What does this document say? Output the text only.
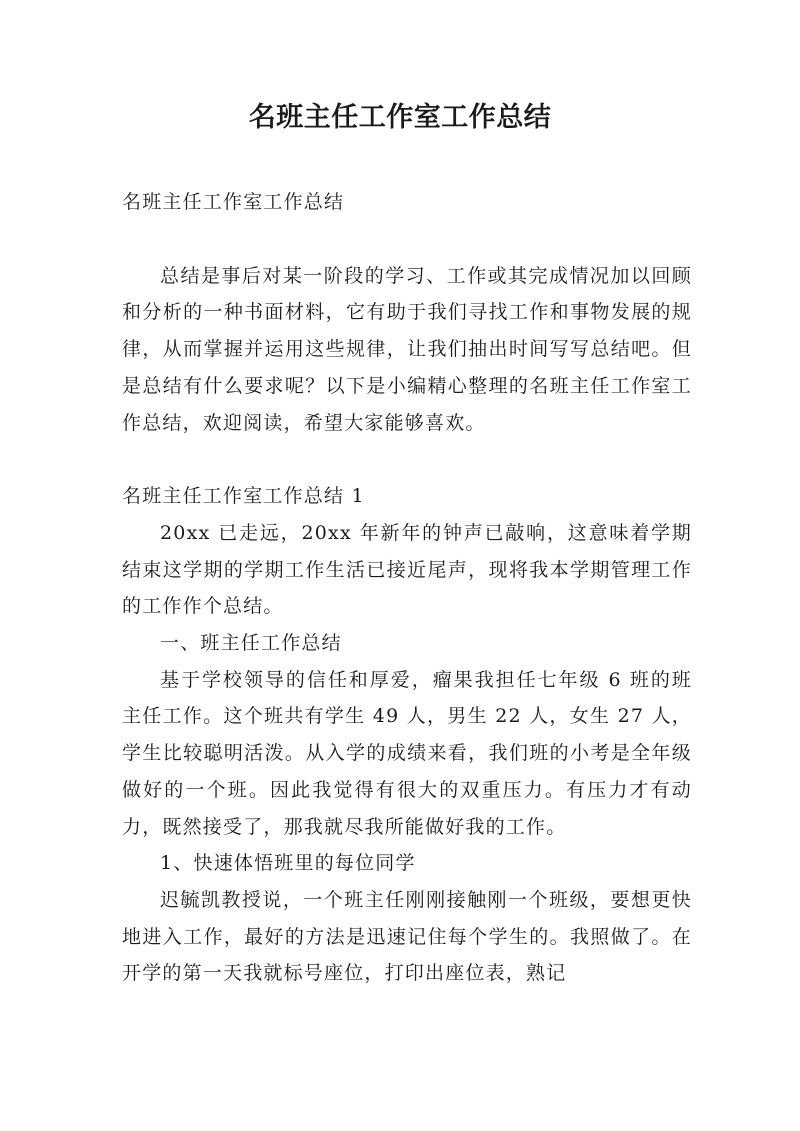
名班主任工作室工作总结

名班主任工作室工作总结

总结是事后对某一阶段的学习、工作或其完成情况加以回顾和分析的一种书面材料，它有助于我们寻找工作和事物发展的规律，从而掌握并运用这些规律，让我们抽出时间写写总结吧。但是总结有什么要求呢？以下是小编精心整理的名班主任工作室工作总结，欢迎阅读，希望大家能够喜欢。

名班主任工作室工作总结 1

20xx 已走远，20xx 年新年的钟声已敲响，这意味着学期结束这学期的学期工作生活已接近尾声，现将我本学期管理工作的工作作个总结。

一、班主任工作总结

基于学校领导的信任和厚爱，瘤果我担任七年级 6 班的班主任工作。这个班共有学生 49 人，男生 22 人，女生 27 人，学生比较聪明活泼。从入学的成绩来看，我们班的小考是全年级做好的一个班。因此我觉得有很大的双重压力。有压力才有动力，既然接受了，那我就尽我所能做好我的工作。

1、快速体悟班里的每位同学

迟毓凯教授说，一个班主任刚刚接触刚一个班级，要想更快地进入工作，最好的方法是迅速记住每个学生的。我照做了。在开学的第一天我就标号座位，打印出座位表，熟记
